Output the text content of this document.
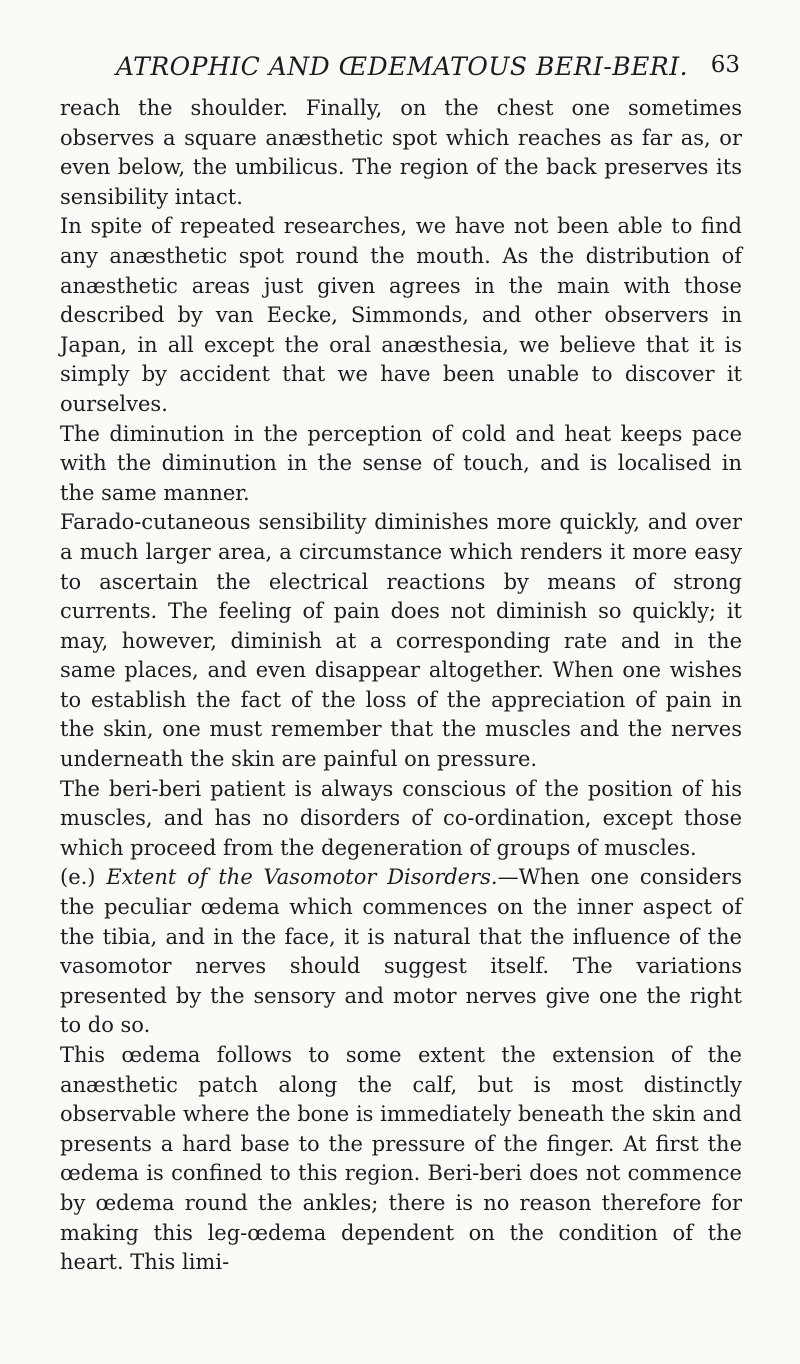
ATROPHIC AND ŒDEMATOUS BERI-BERI. 63

reach the shoulder. Finally, on the chest one sometimes observes a square anæsthetic spot which reaches as far as, or even below, the umbilicus. The region of the back preserves its sensibility intact.

In spite of repeated researches, we have not been able to find any anæsthetic spot round the mouth. As the distribution of anæsthetic areas just given agrees in the main with those described by van Eecke, Simmonds, and other observers in Japan, in all except the oral anæsthesia, we believe that it is simply by accident that we have been unable to discover it ourselves.

The diminution in the perception of cold and heat keeps pace with the diminution in the sense of touch, and is localised in the same manner.

Farado-cutaneous sensibility diminishes more quickly, and over a much larger area, a circumstance which renders it more easy to ascertain the electrical reactions by means of strong currents. The feeling of pain does not diminish so quickly; it may, however, diminish at a corresponding rate and in the same places, and even disappear altogether. When one wishes to establish the fact of the loss of the appreciation of pain in the skin, one must remember that the muscles and the nerves underneath the skin are painful on pressure.

The beri-beri patient is always conscious of the position of his muscles, and has no disorders of co-ordination, except those which proceed from the degeneration of groups of muscles.

(e.) Extent of the Vasomotor Disorders.—When one considers the peculiar œdema which commences on the inner aspect of the tibia, and in the face, it is natural that the influence of the vasomotor nerves should suggest itself. The variations presented by the sensory and motor nerves give one the right to do so.

This œdema follows to some extent the extension of the anæsthetic patch along the calf, but is most distinctly observable where the bone is immediately beneath the skin and presents a hard base to the pressure of the finger. At first the œdema is confined to this region. Beri-beri does not commence by œdema round the ankles; there is no reason therefore for making this leg-œdema dependent on the condition of the heart. This limi-
